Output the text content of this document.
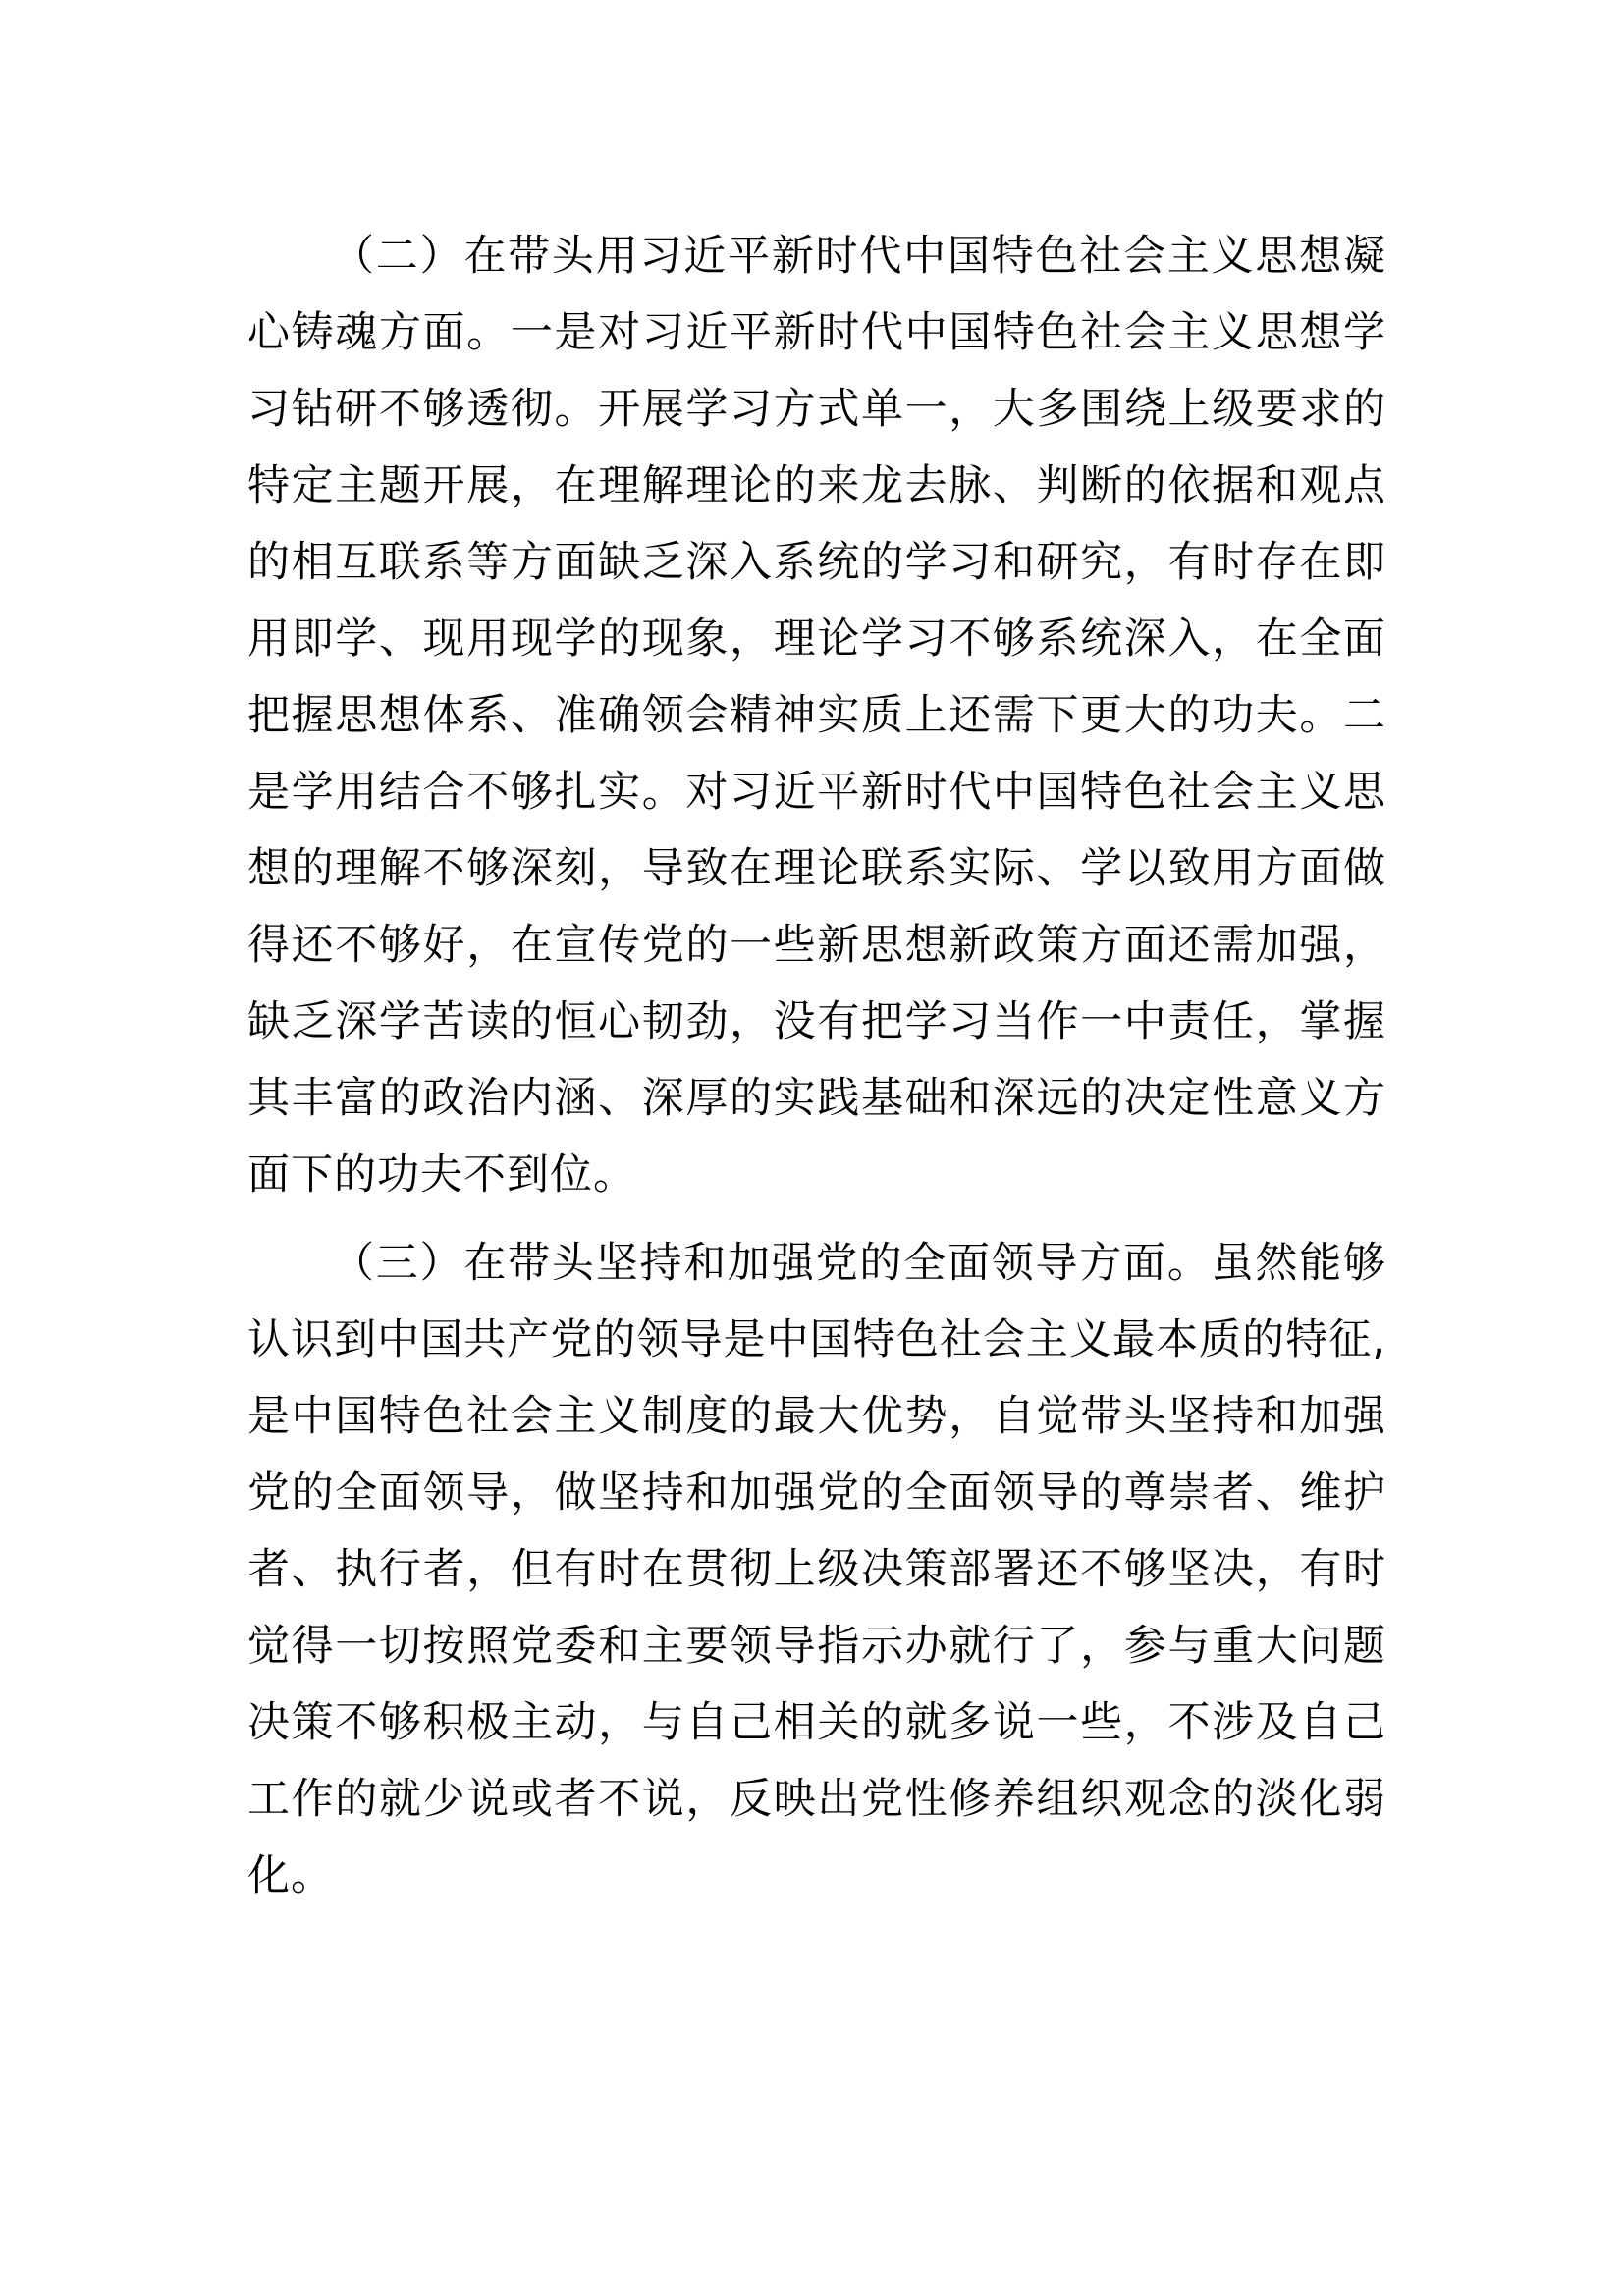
（二）在带头用习近平新时代中国特色社会主义思想凝心铸魂方面。一是对习近平新时代中国特色社会主义思想学习钻研不够透彻。开展学习方式单一，大多围绕上级要求的特定主题开展，在理解理论的来龙去脉、判断的依据和观点的相互联系等方面缺乏深入系统的学习和研究，有时存在即用即学、现用现学的现象，理论学习不够系统深入，在全面把握思想体系、准确领会精神实质上还需下更大的功夫。二是学用结合不够扎实。对习近平新时代中国特色社会主义思想的理解不够深刻，导致在理论联系实际、学以致用方面做得还不够好，在宣传党的一些新思想新政策方面还需加强，缺乏深学苦读的恒心韧劲，没有把学习当作一中责任，掌握其丰富的政治内涵、深厚的实践基础和深远的决定性意义方面下的功夫不到位。

（三）在带头坚持和加强党的全面领导方面。虽然能够认识到中国共产党的领导是中国特色社会主义最本质的特征,是中国特色社会主义制度的最大优势，自觉带头坚持和加强党的全面领导，做坚持和加强党的全面领导的尊崇者、维护者、执行者，但有时在贯彻上级决策部署还不够坚决，有时觉得一切按照党委和主要领导指示办就行了，参与重大问题决策不够积极主动，与自己相关的就多说一些，不涉及自己工作的就少说或者不说，反映出党性修养组织观念的淡化弱化。
